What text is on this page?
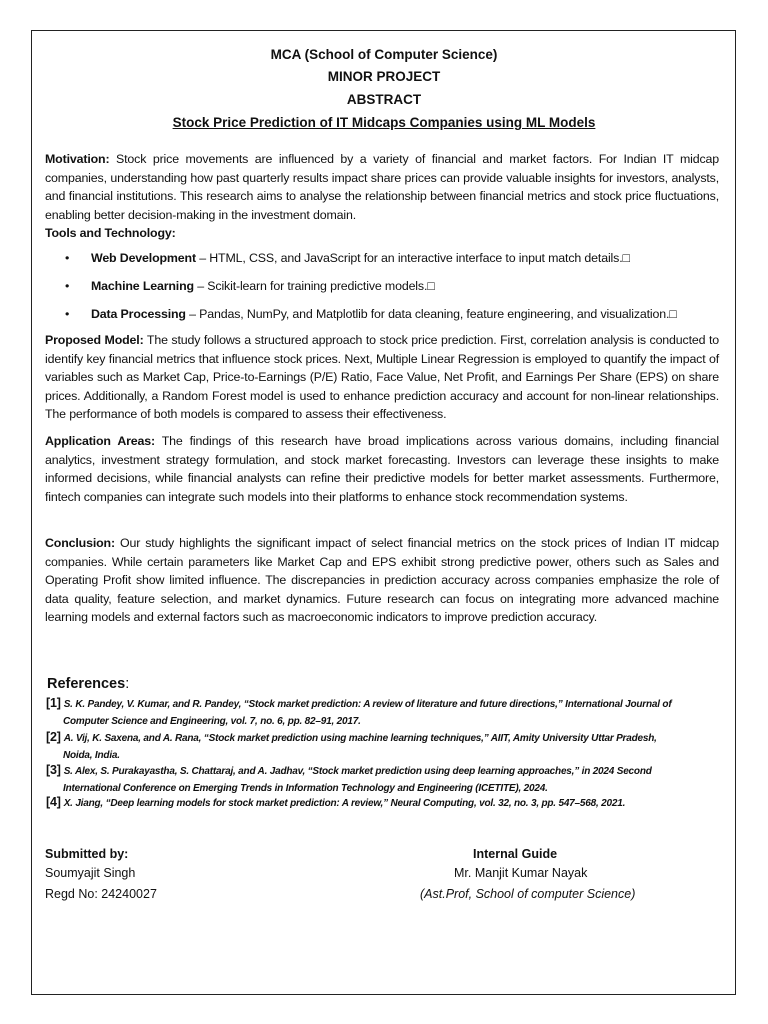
MCA (School of Computer Science)
MINOR PROJECT
ABSTRACT
Stock Price Prediction of IT Midcaps Companies using ML Models
Motivation: Stock price movements are influenced by a variety of financial and market factors. For Indian IT midcap companies, understanding how past quarterly results impact share prices can provide valuable insights for investors, analysts, and financial institutions. This research aims to analyse the relationship between financial metrics and stock price fluctuations, enabling better decision-making in the investment domain.
Tools and Technology:
• Web Development – HTML, CSS, and JavaScript for an interactive interface to input match details.□
• Machine Learning – Scikit-learn for training predictive models.□
• Data Processing – Pandas, NumPy, and Matplotlib for data cleaning, feature engineering, and visualization.□
Proposed Model: The study follows a structured approach to stock price prediction. First, correlation analysis is conducted to identify key financial metrics that influence stock prices. Next, Multiple Linear Regression is employed to quantify the impact of variables such as Market Cap, Price-to-Earnings (P/E) Ratio, Face Value, Net Profit, and Earnings Per Share (EPS) on share prices. Additionally, a Random Forest model is used to enhance prediction accuracy and account for non-linear relationships. The performance of both models is compared to assess their effectiveness.
Application Areas: The findings of this research have broad implications across various domains, including financial analytics, investment strategy formulation, and stock market forecasting. Investors can leverage these insights to make informed decisions, while financial analysts can refine their predictive models for better market assessments. Furthermore, fintech companies can integrate such models into their platforms to enhance stock recommendation systems.
Conclusion: Our study highlights the significant impact of select financial metrics on the stock prices of Indian IT midcap companies. While certain parameters like Market Cap and EPS exhibit strong predictive power, others such as Sales and Operating Profit show limited influence. The discrepancies in prediction accuracy across companies emphasize the role of data quality, feature selection, and market dynamics. Future research can focus on integrating more advanced machine learning models and external factors such as macroeconomic indicators to improve prediction accuracy.
References:
[1] S. K. Pandey, V. Kumar, and R. Pandey, “Stock market prediction: A review of literature and future directions,” International Journal of
Computer Science and Engineering, vol. 7, no. 6, pp. 82–91, 2017.
[2] A. Vij, K. Saxena, and A. Rana, “Stock market prediction using machine learning techniques,” AIIT, Amity University Uttar Pradesh,
Noida, India.
[3] S. Alex, S. Purakayastha, S. Chattaraj, and A. Jadhav, “Stock market prediction using deep learning approaches,” in 2024 Second
International Conference on Emerging Trends in Information Technology and Engineering (ICETITE), 2024.
[4] X. Jiang, “Deep learning models for stock market prediction: A review,” Neural Computing, vol. 32, no. 3, pp. 547–568, 2021.
Submitted by:
Soumyajit Singh
Regd No: 24240027
Internal Guide
Mr. Manjit Kumar Nayak
(Ast.Prof, School of computer Science)
